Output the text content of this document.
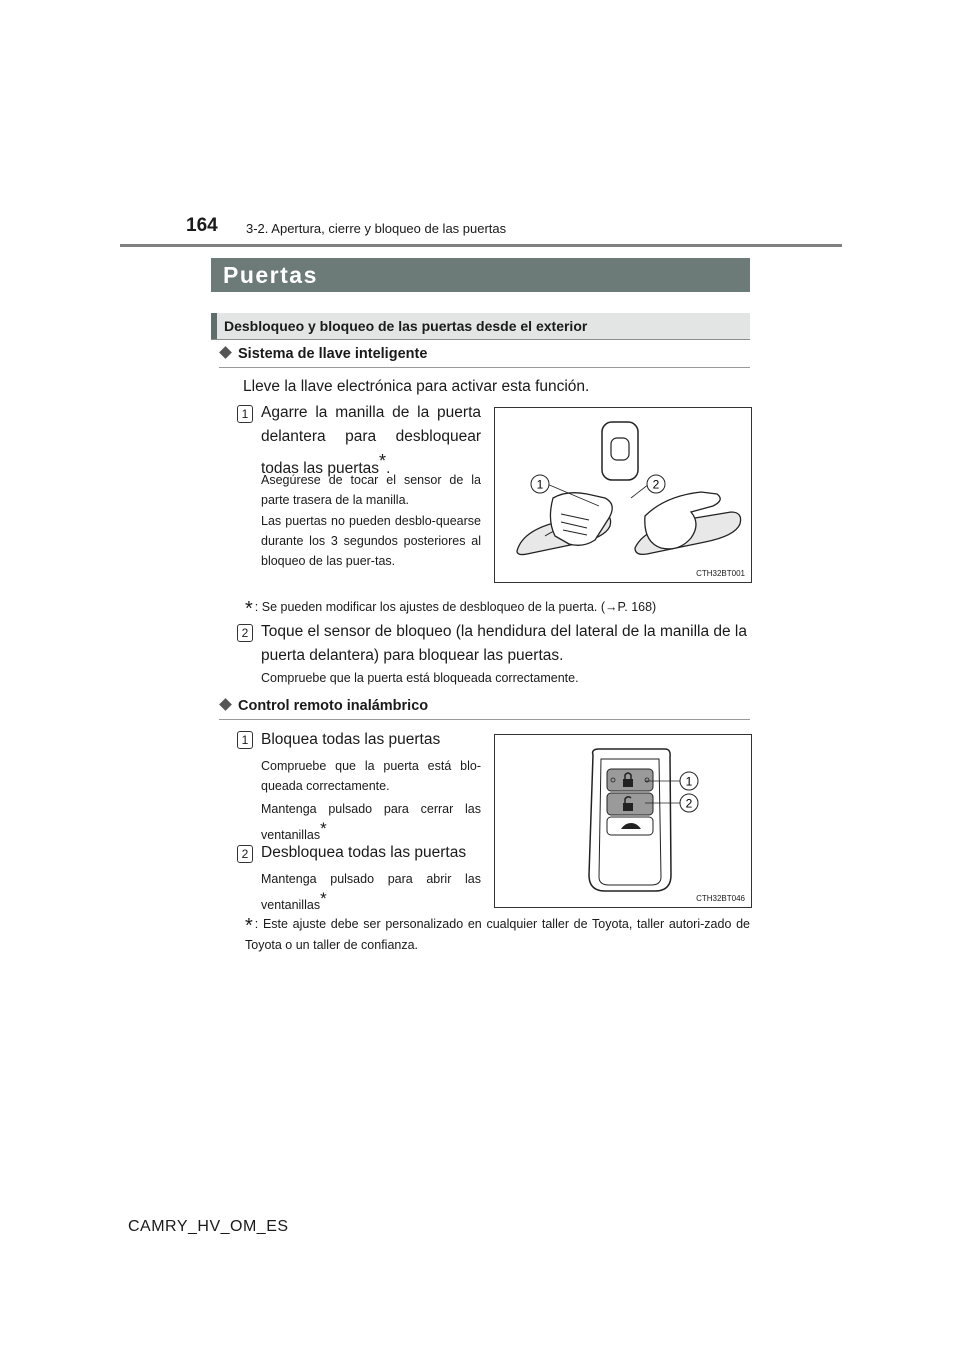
164 3-2. Apertura, cierre y bloqueo de las puertas
Puertas
Desbloqueo y bloqueo de las puertas desde el exterior
Sistema de llave inteligente
Lleve la llave electrónica para activar esta función.
1 Agarre la manilla de la puerta delantera para desbloquear todas las puertas*.
Asegúrese de tocar el sensor de la parte trasera de la manilla.
Las puertas no pueden desblo-quearse durante los 3 segundos posteriores al bloqueo de las puer-tas.
1	2
CTH32BT001
* : Se pueden modificar los ajustes de desbloqueo de la puerta. (→P. 168)
2 Toque el sensor de bloqueo (la hendidura del lateral de la manilla de la puerta delantera) para bloquear las puertas.
Compruebe que la puerta está bloqueada correctamente.
Control remoto inalámbrico
1 Bloquea todas las puertas
Compruebe que la puerta está blo-queada correctamente.
Mantenga pulsado para cerrar las ventanillas*
2 Desbloquea todas las puertas
Mantenga pulsado para abrir las ventanillas*
1
2
CTH32BT046
* : Este ajuste debe ser personalizado en cualquier taller de Toyota, taller autori-zado de Toyota o un taller de confianza.
CAMRY_HV_OM_ES
